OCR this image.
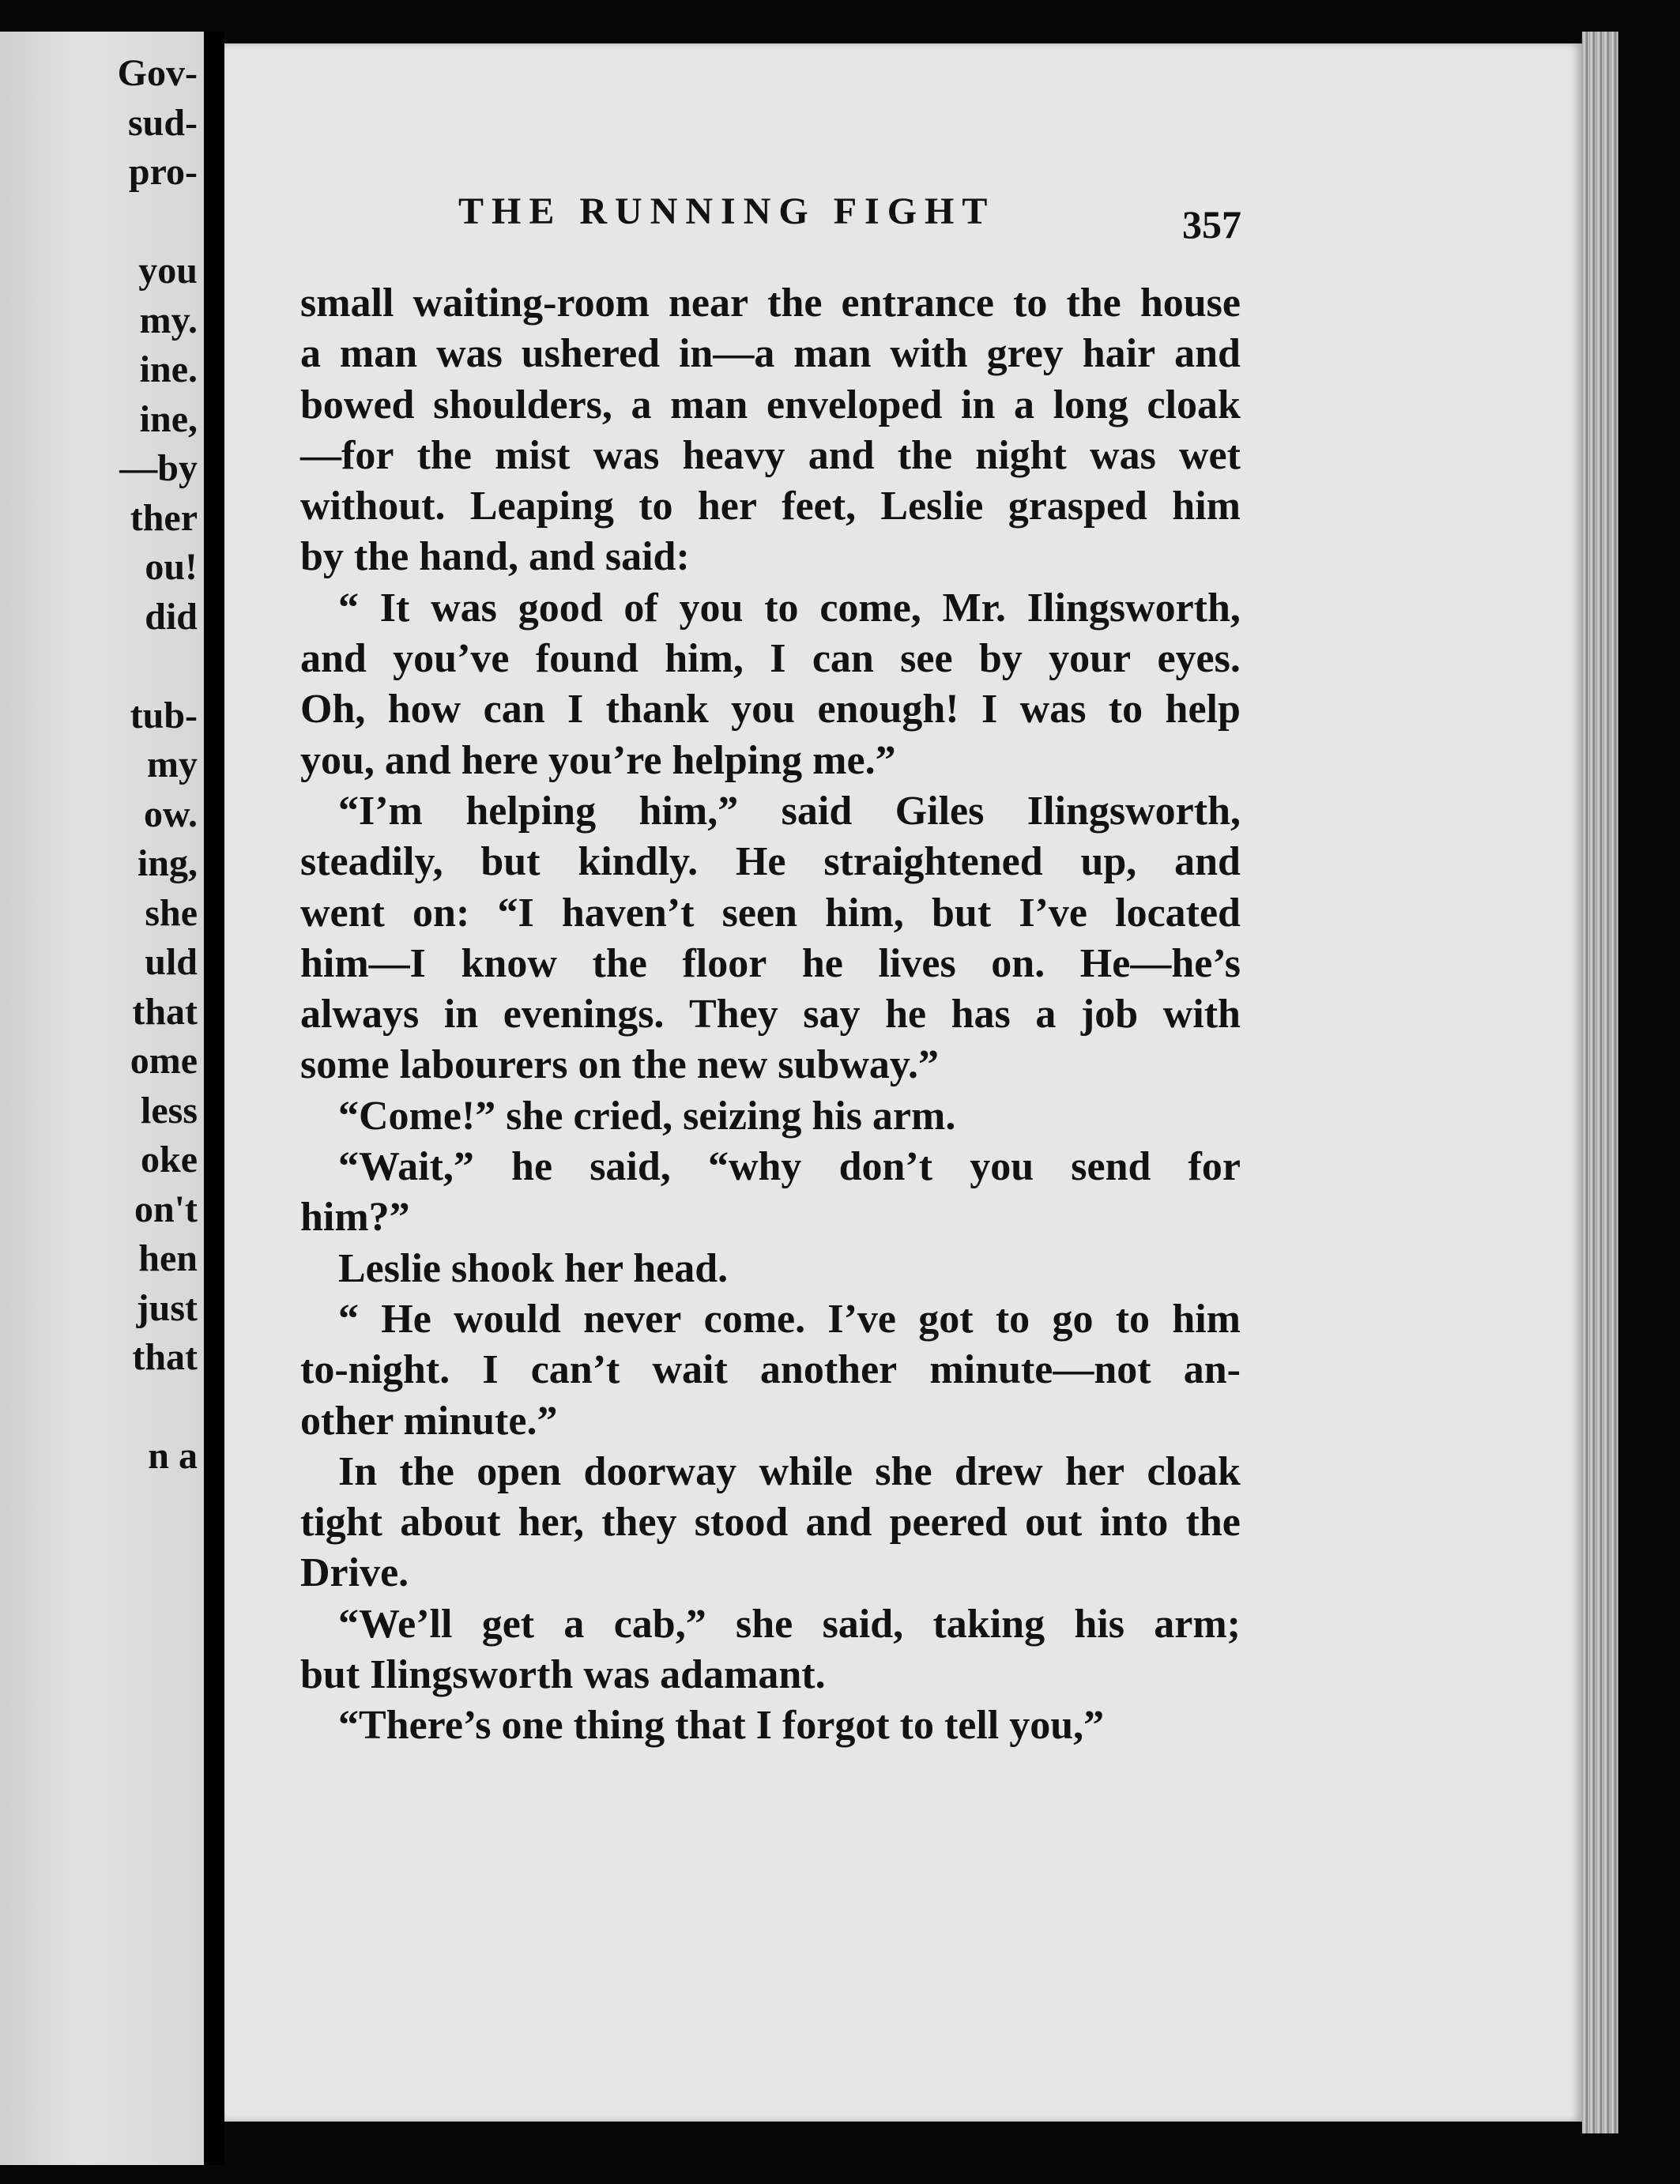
Gov-
sud-
pro-
you
my.
ine.
ine,
—by
ther
ou!
did
tub-
my
ow.
ing,
she
uld
that
ome
less
oke
on't
hen
just
that
n a
THE RUNNING FIGHT	357
small waiting-room near the entrance to the house
a man was ushered in—a man with grey hair and
bowed shoulders, a man enveloped in a long cloak
—for the mist was heavy and the night was wet
without. Leaping to her feet, Leslie grasped him
by the hand, and said:
“ It was good of you to come, Mr. Ilingsworth,
and you’ve found him, I can see by your eyes.
Oh, how can I thank you enough! I was to help
you, and here you’re helping me.”
“I’m helping him,” said Giles Ilingsworth,
steadily, but kindly. He straightened up, and
went on: “I haven’t seen him, but I’ve located
him—I know the floor he lives on. He—he’s
always in evenings. They say he has a job with
some labourers on the new subway.”
“Come!” she cried, seizing his arm.
“Wait,” he said, “why don’t you send for
him?”
Leslie shook her head.
“ He would never come. I’ve got to go to him
to-night. I can’t wait another minute—not an-
other minute.”
In the open doorway while she drew her cloak
tight about her, they stood and peered out into the
Drive.
“We’ll get a cab,” she said, taking his arm;
but Ilingsworth was adamant.
“There’s one thing that I forgot to tell you,”
